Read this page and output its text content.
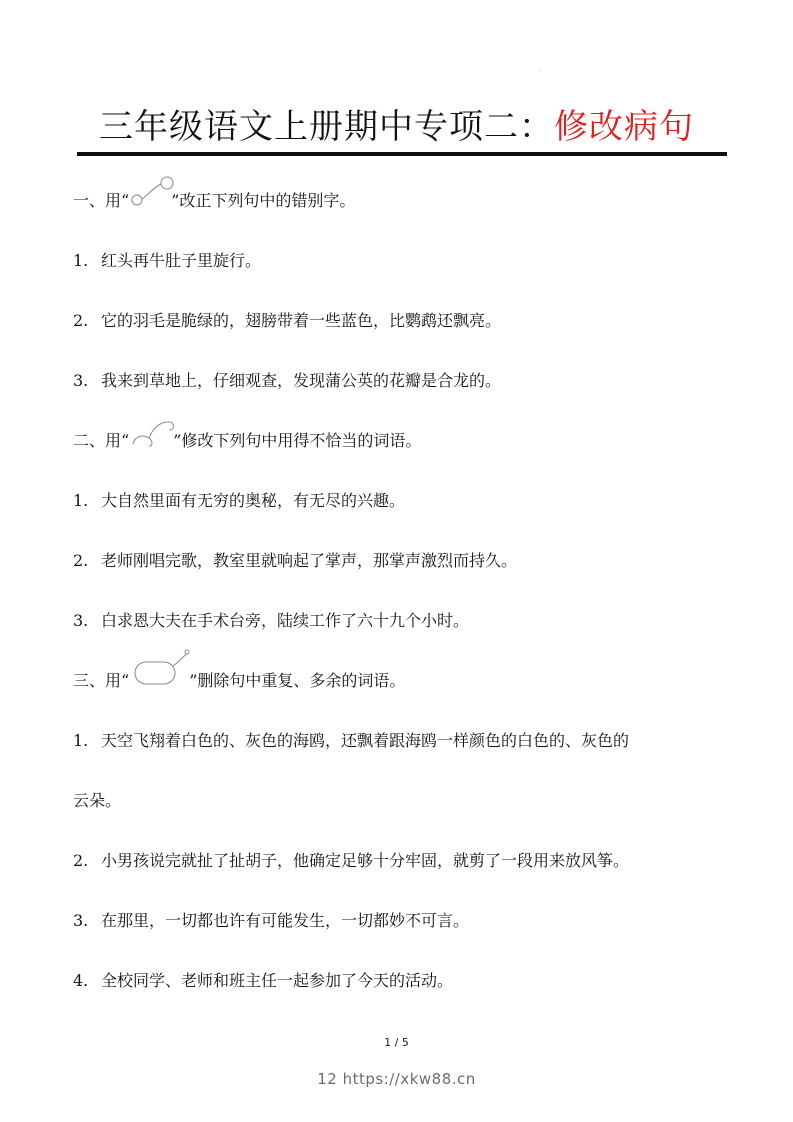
·
三年级语文上册期中专项二：修改病句
一、用“	”改正下列句中的错别字。
1. 红头再牛肚子里旋行。
2. 它的羽毛是脆绿的，翅膀带着一些蓝色，比鹦鹉还飘亮。
3. 我来到草地上，仔细观查，发现蒲公英的花瓣是合龙的。
二、用“	”修改下列句中用得不恰当的词语。
1. 大自然里面有无穷的奥秘，有无尽的兴趣。
2. 老师刚唱完歌，教室里就响起了掌声，那掌声激烈而持久。
3. 白求恩大夫在手术台旁，陆续工作了六十九个小时。
三、用“	”删除句中重复、多余的词语。
1. 天空飞翔着白色的、灰色的海鸥，还飘着跟海鸥一样颜色的白色的、灰色的
云朵。
2. 小男孩说完就扯了扯胡子，他确定足够十分牢固，就剪了一段用来放风筝。
3. 在那里，一切都也许有可能发生，一切都妙不可言。
4. 全校同学、老师和班主任一起参加了今天的活动。
1 / 5
12 https://xkw88.cn
